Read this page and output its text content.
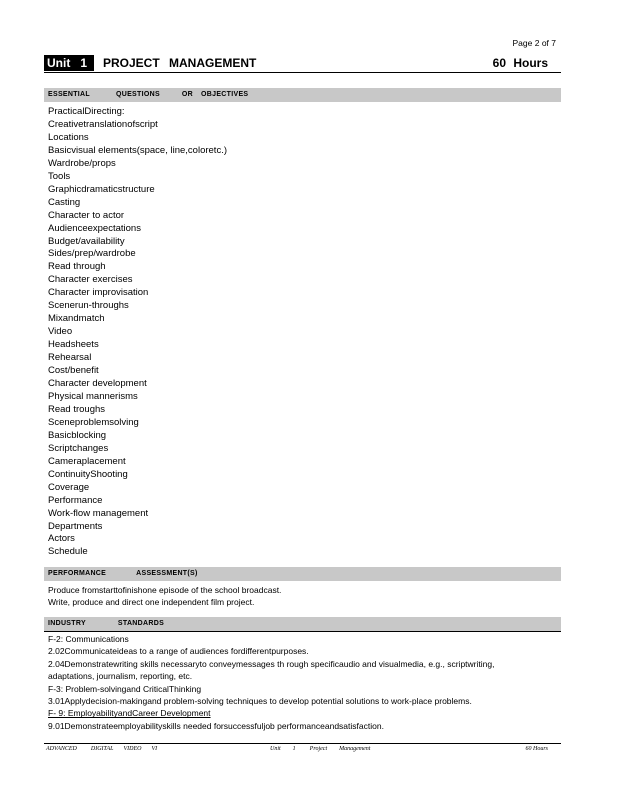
Page 2 of 7
Unit 1	PROJECT MANAGEMENT	60 Hours
ESSENTIAL	QUESTIONS	OR OBJECTIVES
PracticalDirecting:
Creativetranslationofscript
Locations
Basicvisual elements(space, line,coloretc.)
Wardrobe/props
Tools
Graphicdramaticstructure
Casting
Character to actor
Audienceexpectations
Budget/availability
Sides/prep/wardrobe
Read through
Character exercises
Character improvisation
Scenerun-throughs
Mixandmatch
Video
Headsheets
Rehearsal
Cost/benefit
Character development
Physical mannerisms
Read troughs
Sceneproblemsolving
Basicblocking
Scriptchanges
Cameraplacement
ContinuityShooting
Coverage
Performance
Work-flow management
Departments
Actors
Schedule
PERFORMANCE	ASSESSMENT(S)
Produce fromstarttofinishone episode of the school broadcast.
Write, produce and direct one independent film project.
INDUSTRY	STANDARDS
F-2: Communications
2.02Communicateideas to a range of audiences fordifferentpurposes.
2.04Demonstratewriting skills necessaryto conveymessages th rough specificaudio and visualmedia, e.g., scriptwriting,
adaptations, journalism, reporting, etc.
F-3: Problem-solvingand CriticalThinking
3.01Applydecision-makingand problem-solving techniques to develop potential solutions to work-place problems.
F- 9: EmployabilityandCareer Development
9.01Demonstrateemployabilityskills needed forsuccessfuljob performanceandsatisfaction.
ADVANCED DIGITAL VIDEO VI	Unit 1 Project Management	60 Hours
